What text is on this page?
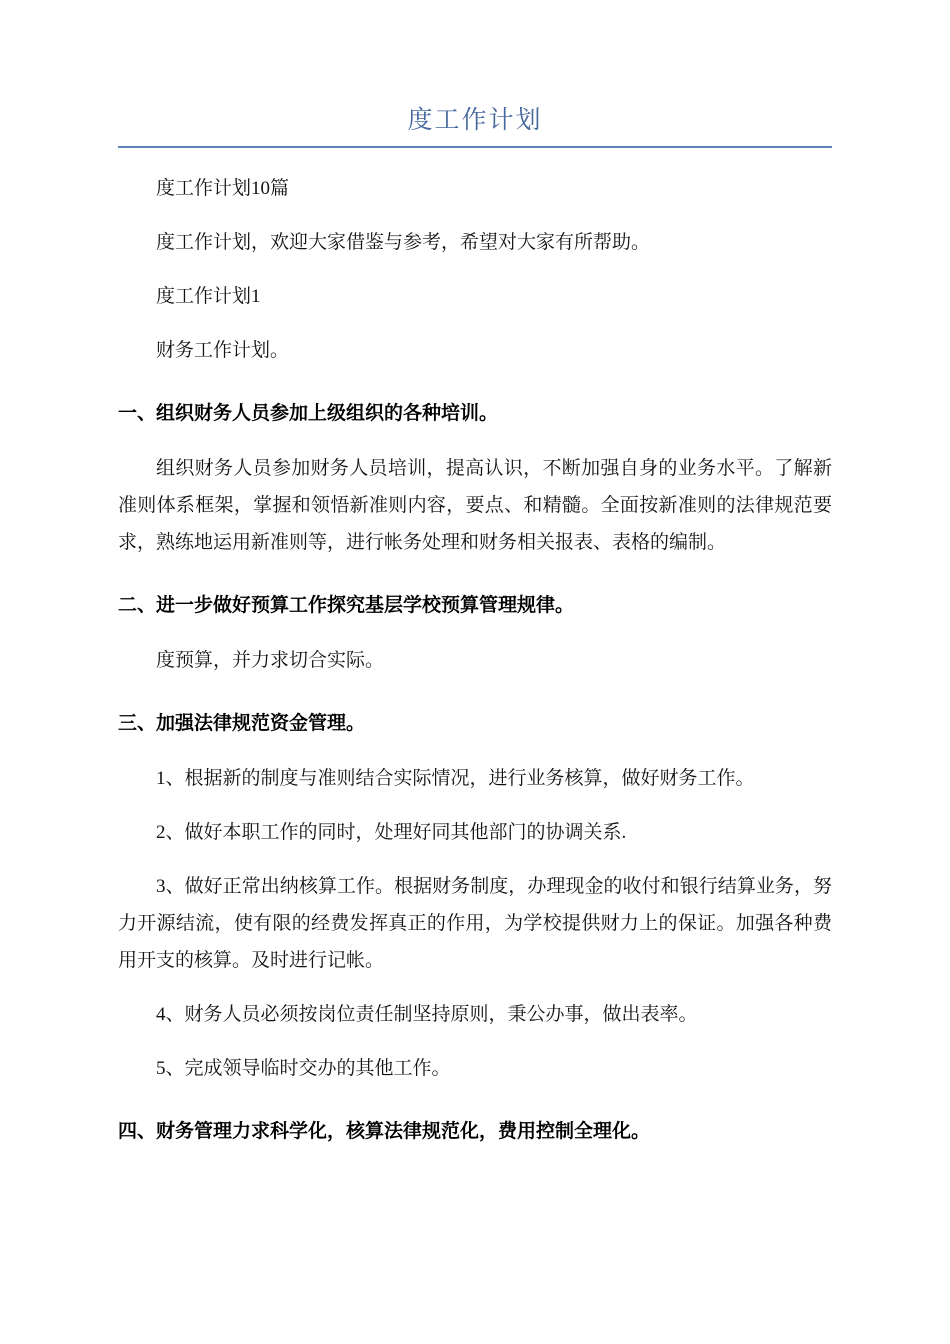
度工作计划

度工作计划10篇

度工作计划，欢迎大家借鉴与参考，希望对大家有所帮助。

度工作计划1

财务工作计划。

一、组织财务人员参加上级组织的各种培训。

组织财务人员参加财务人员培训，提高认识，不断加强自身的业务水平。了解新准则体系框架，掌握和领悟新准则内容，要点、和精髓。全面按新准则的法律规范要求，熟练地运用新准则等，进行帐务处理和财务相关报表、表格的编制。

二、进一步做好预算工作探究基层学校预算管理规律。

度预算，并力求切合实际。

三、加强法律规范资金管理。

1、根据新的制度与准则结合实际情况，进行业务核算，做好财务工作。

2、做好本职工作的同时，处理好同其他部门的协调关系.

3、做好正常出纳核算工作。根据财务制度，办理现金的收付和银行结算业务，努力开源结流，使有限的经费发挥真正的作用，为学校提供财力上的保证。加强各种费用开支的核算。及时进行记帐。

4、财务人员必须按岗位责任制坚持原则，秉公办事，做出表率。

5、完成领导临时交办的其他工作。

四、财务管理力求科学化，核算法律规范化，费用控制全理化。
